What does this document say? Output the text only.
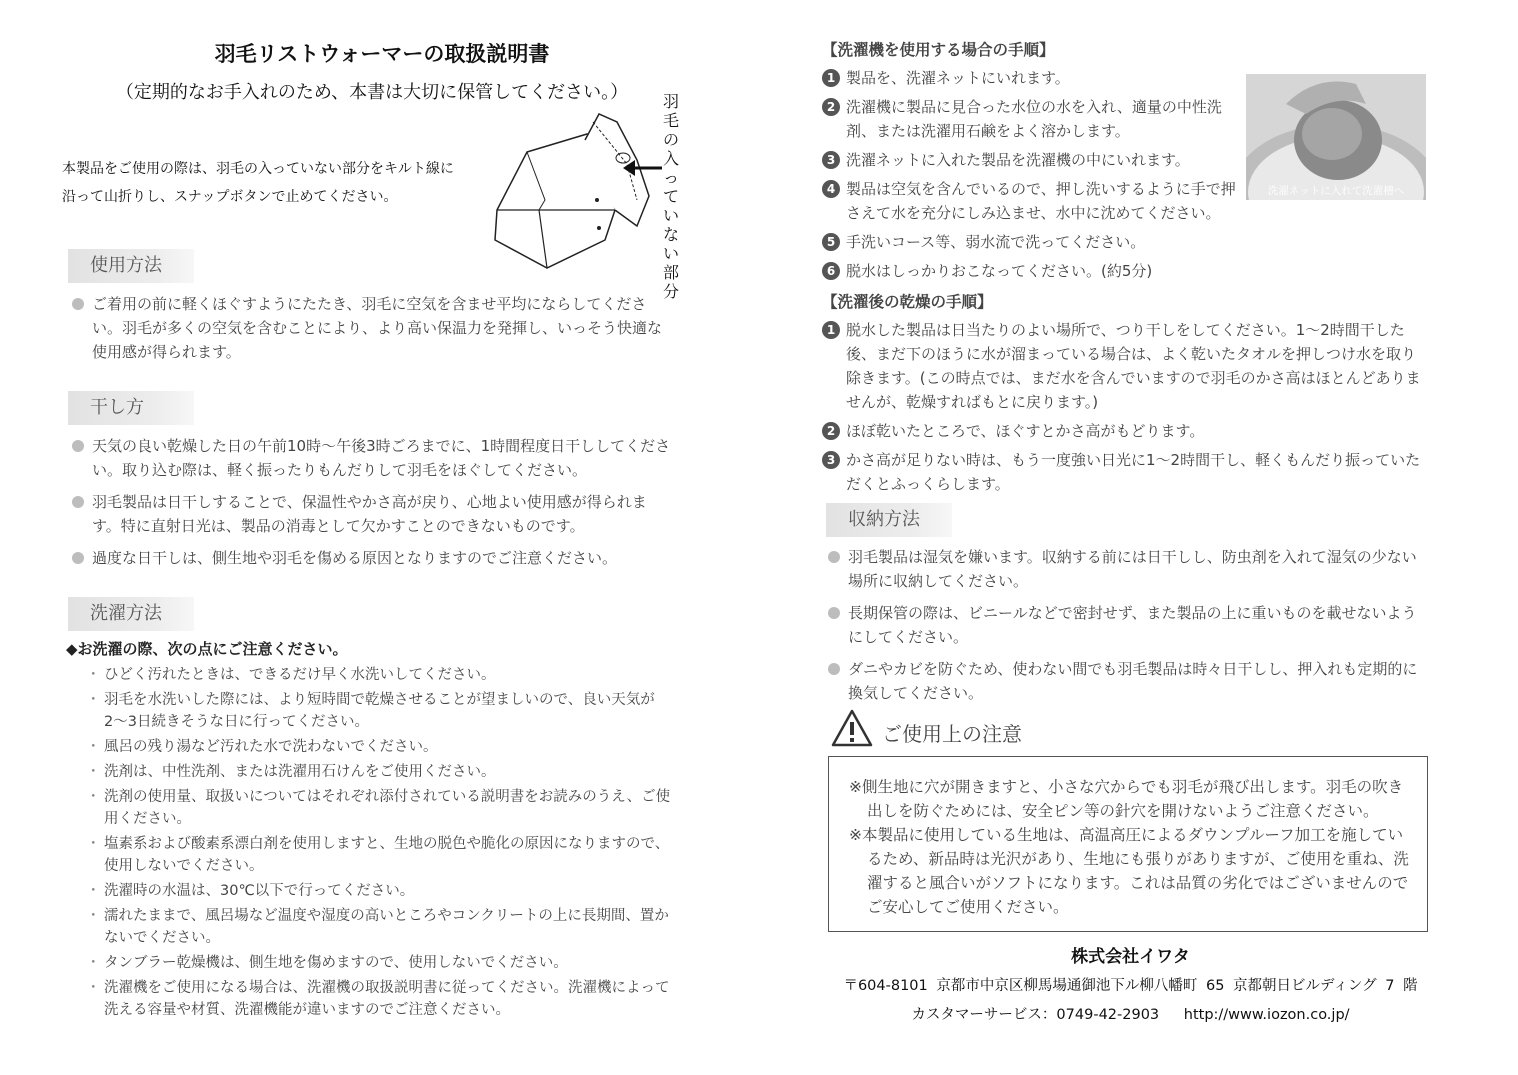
羽毛リストウォーマーの取扱説明書
（定期的なお手入れのため、本書は大切に保管してください。）
本製品をご使用の際は、羽毛の入っていない部分をキルト線に
沿って山折りし、スナップボタンで止めてください。
羽毛の入っていない部分
使用方法
ご着用の前に軽くほぐすようにたたき、羽毛に空気を含ませ平均にならしてください。羽毛が多くの空気を含むことにより、より高い保温力を発揮し、いっそう快適な使用感が得られます。
干し方
天気の良い乾燥した日の午前10時〜午後3時ごろまでに、1時間程度日干ししてください。取り込む際は、軽く振ったりもんだりして羽毛をほぐしてください。
羽毛製品は日干しすることで、保温性やかさ高が戻り、心地よい使用感が得られます。特に直射日光は、製品の消毒として欠かすことのできないものです。
過度な日干しは、側生地や羽毛を傷める原因となりますのでご注意ください。
洗濯方法
◆お洗濯の際、次の点にご注意ください。
・ ひどく汚れたときは、できるだけ早く水洗いしてください。
・ 羽毛を水洗いした際には、より短時間で乾燥させることが望ましいので、良い天気が2〜3日続きそうな日に行ってください。
・ 風呂の残り湯など汚れた水で洗わないでください。
・ 洗剤は、中性洗剤、または洗濯用石けんをご使用ください。
・ 洗剤の使用量、取扱いについてはそれぞれ添付されている説明書をお読みのうえ、ご使用ください。
・ 塩素系および酸素系漂白剤を使用しますと、生地の脱色や脆化の原因になりますので、使用しないでください。
・ 洗濯時の水温は、30℃以下で行ってください。
・ 濡れたままで、風呂場など温度や湿度の高いところやコンクリートの上に長期間、置かないでください。
・ タンブラー乾燥機は、側生地を傷めますので、使用しないでください。
・ 洗濯機をご使用になる場合は、洗濯機の取扱説明書に従ってください。洗濯機によって洗える容量や材質、洗濯機能が違いますのでご注意ください。
【洗濯機を使用する場合の手順】
1 製品を、洗濯ネットにいれます。
2 洗濯機に製品に見合った水位の水を入れ、適量の中性洗剤、または洗濯用石鹸をよく溶かします。
3 洗濯ネットに入れた製品を洗濯機の中にいれます。
4 製品は空気を含んでいるので、押し洗いするように手で押さえて水を充分にしみ込ませ、水中に沈めてください。
5 手洗いコース等、弱水流で洗ってください。
6 脱水はしっかりおこなってください。(約5分)
洗濯ネットに入れて洗濯槽へ
【洗濯後の乾燥の手順】
1 脱水した製品は日当たりのよい場所で、つり干しをしてください。1〜2時間干した後、まだ下のほうに水が溜まっている場合は、よく乾いたタオルを押しつけ水を取り除きます。(この時点では、まだ水を含んでいますので羽毛のかさ高はほとんどありませんが、乾燥すればもとに戻ります。)
2 ほぼ乾いたところで、ほぐすとかさ高がもどります。
3 かさ高が足りない時は、もう一度強い日光に1〜2時間干し、軽くもんだり振っていただくとふっくらします。
収納方法
羽毛製品は湿気を嫌います。収納する前には日干しし、防虫剤を入れて湿気の少ない場所に収納してください。
長期保管の際は、ビニールなどで密封せず、また製品の上に重いものを載せないようにしてください。
ダニやカビを防ぐため、使わない間でも羽毛製品は時々日干しし、押入れも定期的に換気してください。
ご使用上の注意

※側生地に穴が開きますと、小さな穴からでも羽毛が飛び出します。羽毛の吹き出しを防ぐためには、安全ピン等の針穴を開けないようご注意ください。

※本製品に使用している生地は、高温高圧によるダウンプルーフ加工を施しているため、新品時は光沢があり、生地にも張りがありますが、ご使用を重ね、洗濯すると風合いがソフトになります。これは品質の劣化ではございませんのでご安心してご使用ください。

株式会社イワタ
〒604-8101 京都市中京区柳馬場通御池下ル柳八幡町 65 京都朝日ビルディング 7 階
カスタマーサービス：0749-42-2903 http://www.iozon.co.jp/
